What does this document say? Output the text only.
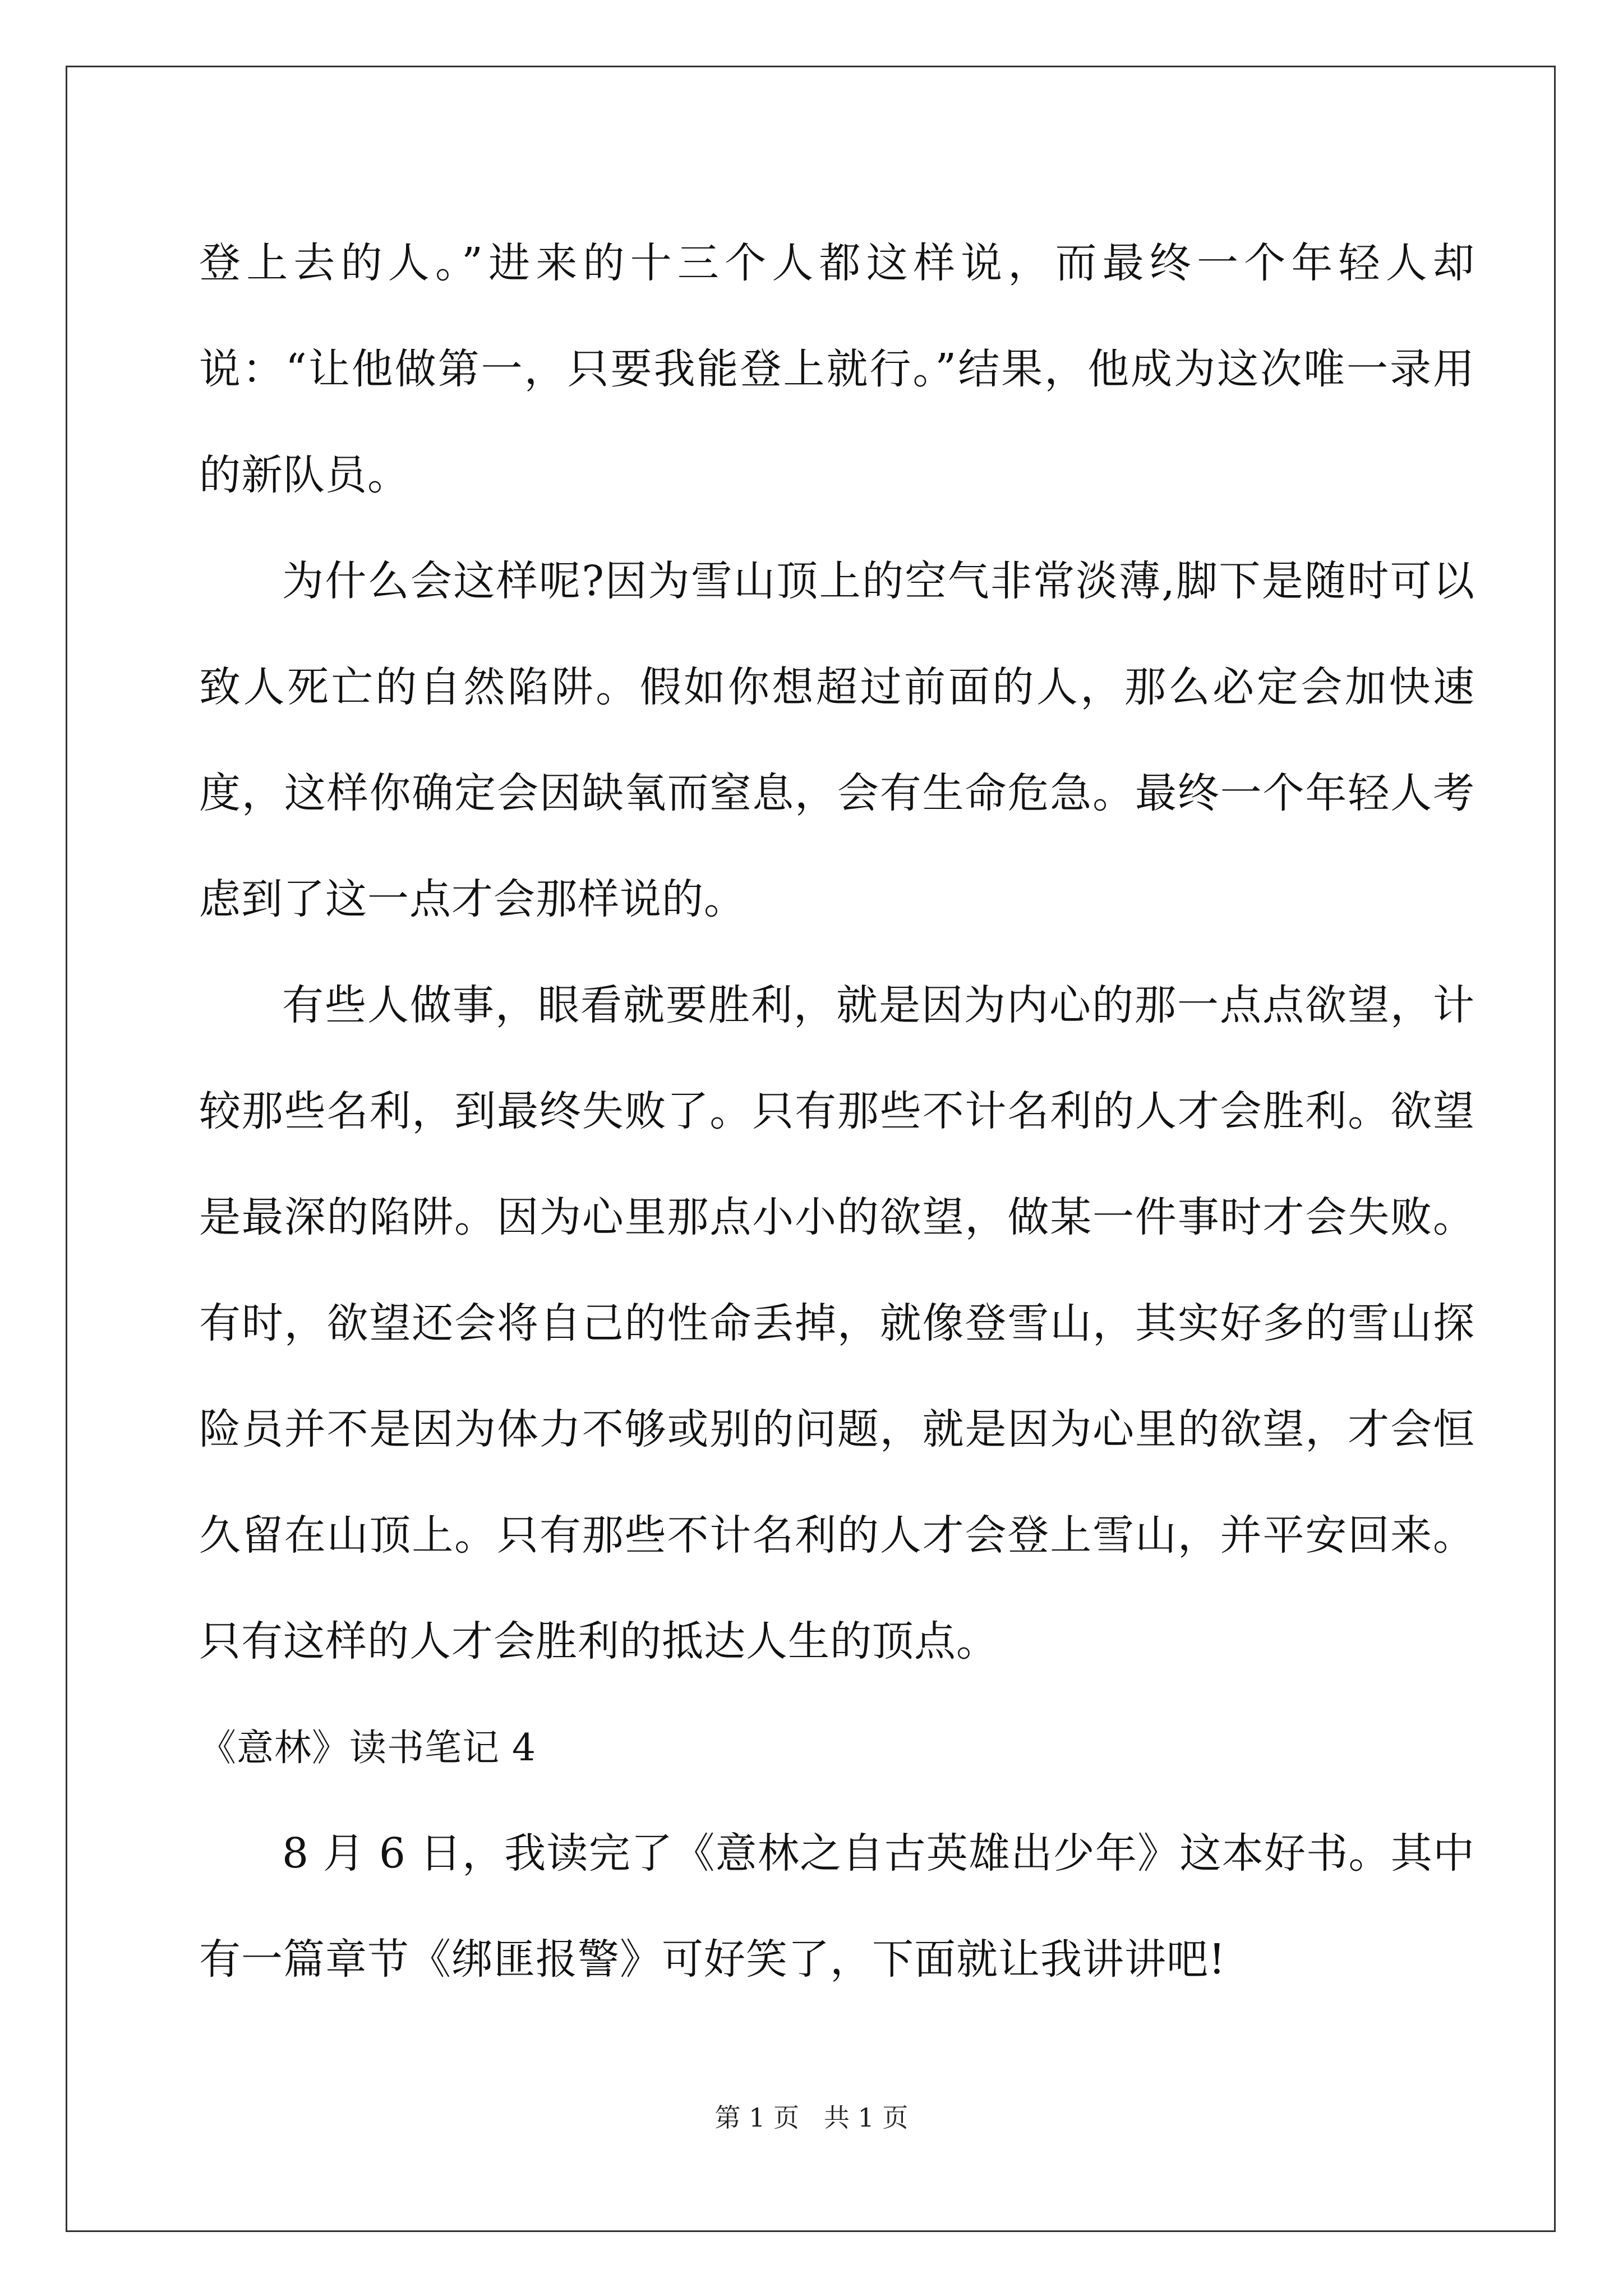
登上去的人。”进来的十三个人都这样说，而最终一个年轻人却说：“让他做第一，只要我能登上就行。”结果，他成为这次唯一录用的新队员。

为什么会这样呢?因为雪山顶上的空气非常淡薄,脚下是随时可以致人死亡的自然陷阱。假如你想超过前面的人，那么必定会加快速度，这样你确定会因缺氧而窒息，会有生命危急。最终一个年轻人考虑到了这一点才会那样说的。

有些人做事，眼看就要胜利，就是因为内心的那一点点欲望，计较那些名利，到最终失败了。只有那些不计名利的人才会胜利。欲望是最深的陷阱。因为心里那点小小的欲望，做某一件事时才会失败。有时，欲望还会将自己的性命丢掉，就像登雪山，其实好多的雪山探险员并不是因为体力不够或别的问题，就是因为心里的欲望，才会恒久留在山顶上。只有那些不计名利的人才会登上雪山，并平安回来。只有这样的人才会胜利的抵达人生的顶点。

《意林》读书笔记 4

8 月 6 日，我读完了《意林之自古英雄出少年》这本好书。其中有一篇章节《绑匪报警》可好笑了，下面就让我讲讲吧!

第 1 页   共 1 页
